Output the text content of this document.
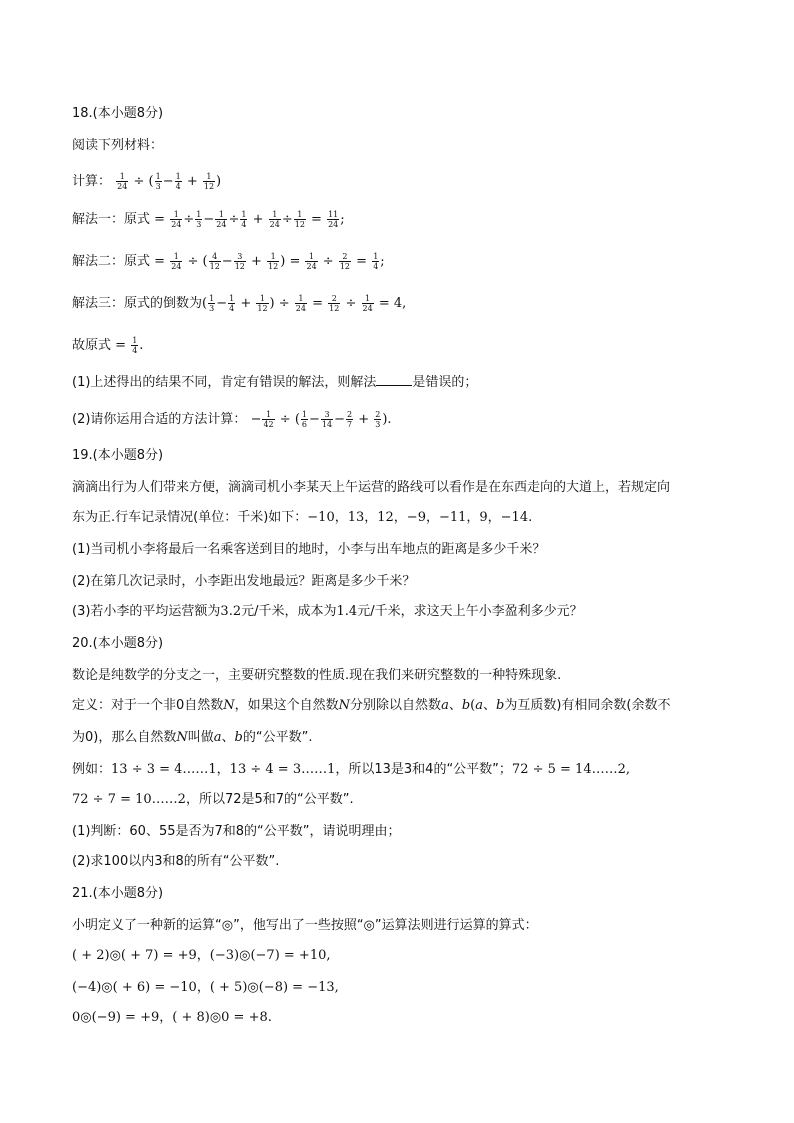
18.(本小题8分)
阅读下列材料：
计算： $\frac{1}{24}$ ÷ ( $\frac{1}{3} - \frac{1}{4} + \frac{1}{12}$ )
解法一：原式 = $\frac{1}{24} \div \frac{1}{3} - \frac{1}{24} \div \frac{1}{4} + \frac{1}{24} \div \frac{1}{12} = \frac{11}{24}$ ;
解法二：原式 = $\frac{1}{24}$ ÷ ( $\frac{4}{12} - \frac{3}{12} + \frac{1}{12}$ ) = $\frac{1}{24} \div \frac{2}{12} = \frac{1}{4}$ ;
解法三：原式的倒数为( $\frac{1}{3} - \frac{1}{4} + \frac{1}{12}$ ) ÷ $\frac{1}{24} = \frac{2}{12} \div \frac{1}{24} = 4$,
故原式 = $\frac{1}{4}$ .
(1)上述得出的结果不同，肯定有错误的解法，则解法	是错误的；
(2)请你运用合适的方法计算： − $\frac{1}{42}$ ÷ ( $\frac{1}{6} - \frac{3}{14} - \frac{2}{7} + \frac{2}{3}$ ).
19.(本小题8分)
滴滴出行为人们带来方便，滴滴司机小李某天上午运营的路线可以看作是在东西走向的大道上，若规定向
东为正.行车记录情况(单位：千米)如下：−10，13，12，−9，−11，9，−14.
(1)当司机小李将最后一名乘客送到目的地时，小李与出车地点的距离是多少千米？
(2)在第几次记录时，小李距出发地最远？距离是多少千米？
(3)若小李的平均运营额为3.2元/千米，成本为1.4元/千米，求这天上午小李盈利多少元？
20.(本小题8分)
数论是纯数学的分支之一，主要研究整数的性质.现在我们来研究整数的一种特殊现象.
定义：对于一个非0自然数N，如果这个自然数N分别除以自然数a、b(a、b为互质数)有相同余数(余数不
为0)，那么自然数N叫做a、b的“公平数”.
例如：13 ÷ 3 = 4……1，13 ÷ 4 = 3……1，所以13是3和4的“公平数”；72 ÷ 5 = 14……2,
72 ÷ 7 = 10……2，所以72是5和7的“公平数”.
(1)判断：60、55是否为7和8的“公平数”，请说明理由；
(2)求100以内3和8的所有“公平数”.
21.(本小题8分)
小明定义了一种新的运算“◎”，他写出了一些按照“◎”运算法则进行运算的算式：
( + 2)◎( + 7) = +9，(−3)◎(−7) = +10,
(−4)◎( + 6) = −10，( + 5)◎(−8) = −13,
0◎(−9) = +9，( + 8)◎0 = +8.
